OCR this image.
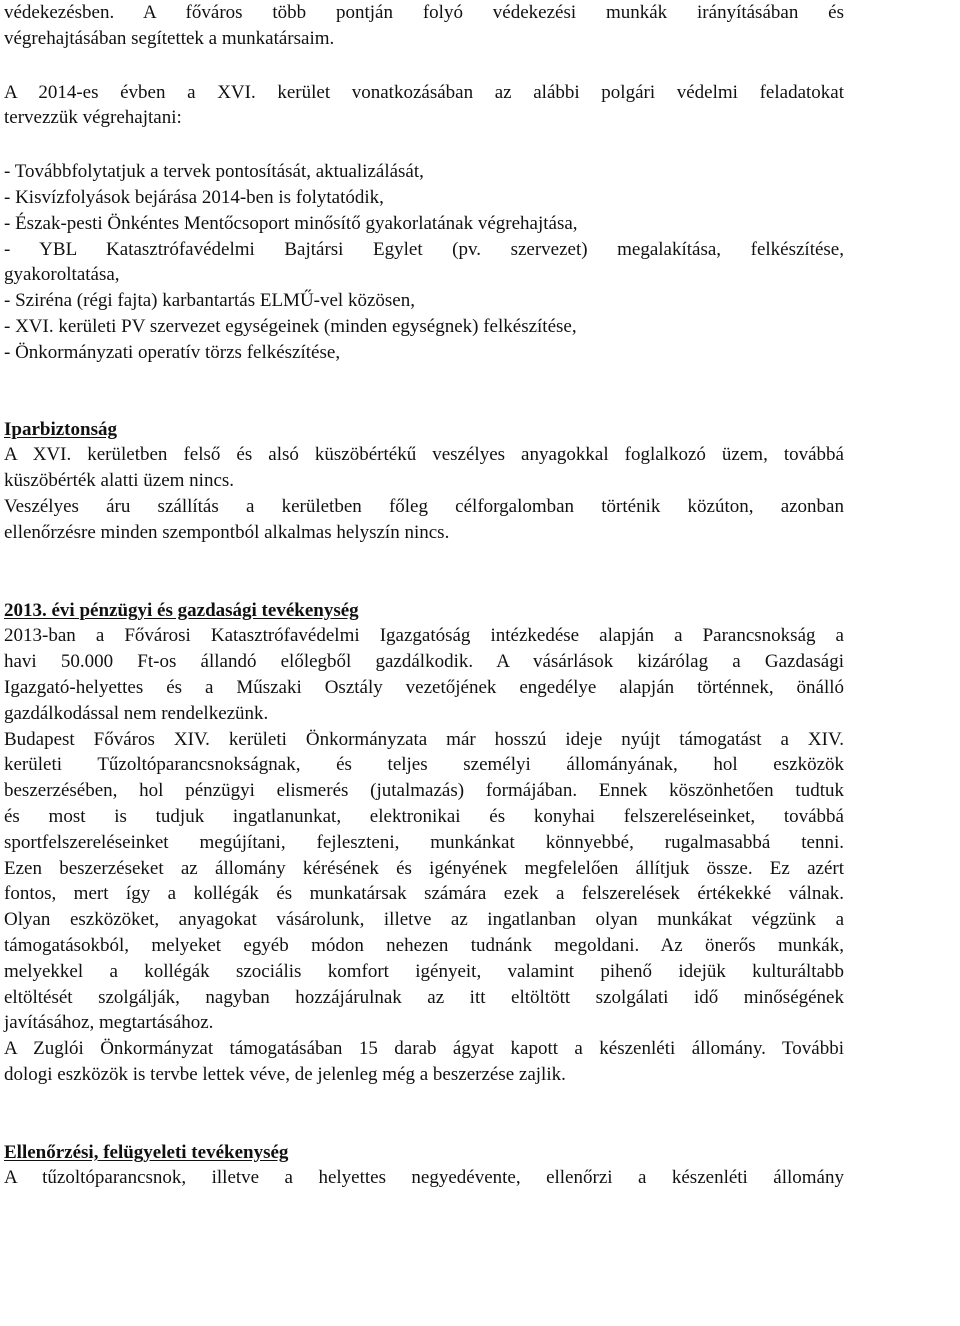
védekezésben. A főváros több pontján folyó védekezési munkák irányításában és

végrehajtásában segítettek a munkatársaim.

A 2014-es évben a XVI. kerület vonatkozásában az alábbi polgári védelmi feladatokat

tervezzük végrehajtani:

- Továbbfolytatjuk a tervek pontosítását, aktualizálását,

- Kisvízfolyások bejárása 2014-ben is folytatódik,

- Észak-pesti Önkéntes Mentőcsoport minősítő gyakorlatának végrehajtása,

- YBL Katasztrófavédelmi Bajtársi Egylet (pv. szervezet) megalakítása, felkészítése,

gyakoroltatása,

- Sziréna (régi fajta) karbantartás ELMŰ-vel közösen,

- XVI. kerületi PV szervezet egységeinek (minden egységnek) felkészítése,

- Önkormányzati operatív törzs felkészítése,

Iparbiztonság

A XVI. kerületben felső és alsó küszöbértékű veszélyes anyagokkal foglalkozó üzem, továbbá

küszöbérték alatti üzem nincs.

Veszélyes áru szállítás a kerületben főleg célforgalomban történik közúton, azonban

ellenőrzésre minden szempontból alkalmas helyszín nincs.

2013. évi pénzügyi és gazdasági tevékenység

2013-ban a Fővárosi Katasztrófavédelmi Igazgatóság intézkedése alapján a Parancsnokság a

havi 50.000 Ft-os állandó előlegből gazdálkodik. A vásárlások kizárólag a Gazdasági

Igazgató-helyettes és a Műszaki Osztály vezetőjének engedélye alapján történnek, önálló

gazdálkodással nem rendelkezünk.

Budapest Főváros XIV. kerületi Önkormányzata már hosszú ideje nyújt támogatást a XIV.

kerületi Tűzoltóparancsnokságnak, és teljes személyi állományának, hol eszközök

beszerzésében, hol pénzügyi elismerés (jutalmazás) formájában. Ennek köszönhetően tudtuk

és most is tudjuk ingatlanunkat, elektronikai és konyhai felszereléseinket, továbbá

sportfelszereléseinket megújítani, fejleszteni, munkánkat könnyebbé, rugalmasabbá tenni.

Ezen beszerzéseket az állomány kérésének és igényének megfelelően állítjuk össze. Ez azért

fontos, mert így a kollégák és munkatársak számára ezek a felszerelések értékekké válnak.

Olyan eszközöket, anyagokat vásárolunk, illetve az ingatlanban olyan munkákat végzünk a

támogatásokból, melyeket egyéb módon nehezen tudnánk megoldani. Az önerős munkák,

melyekkel a kollégák szociális komfort igényeit, valamint pihenő idejük kulturáltabb

eltöltését szolgálják, nagyban hozzájárulnak az itt eltöltött szolgálati idő minőségének

javításához, megtartásához.

A Zuglói Önkormányzat támogatásában 15 darab ágyat kapott a készenléti állomány. További

dologi eszközök is tervbe lettek véve, de jelenleg még a beszerzése zajlik.

Ellenőrzési, felügyeleti tevékenység

A tűzoltóparancsnok, illetve a helyettes negyedévente, ellenőrzi a készenléti állomány
